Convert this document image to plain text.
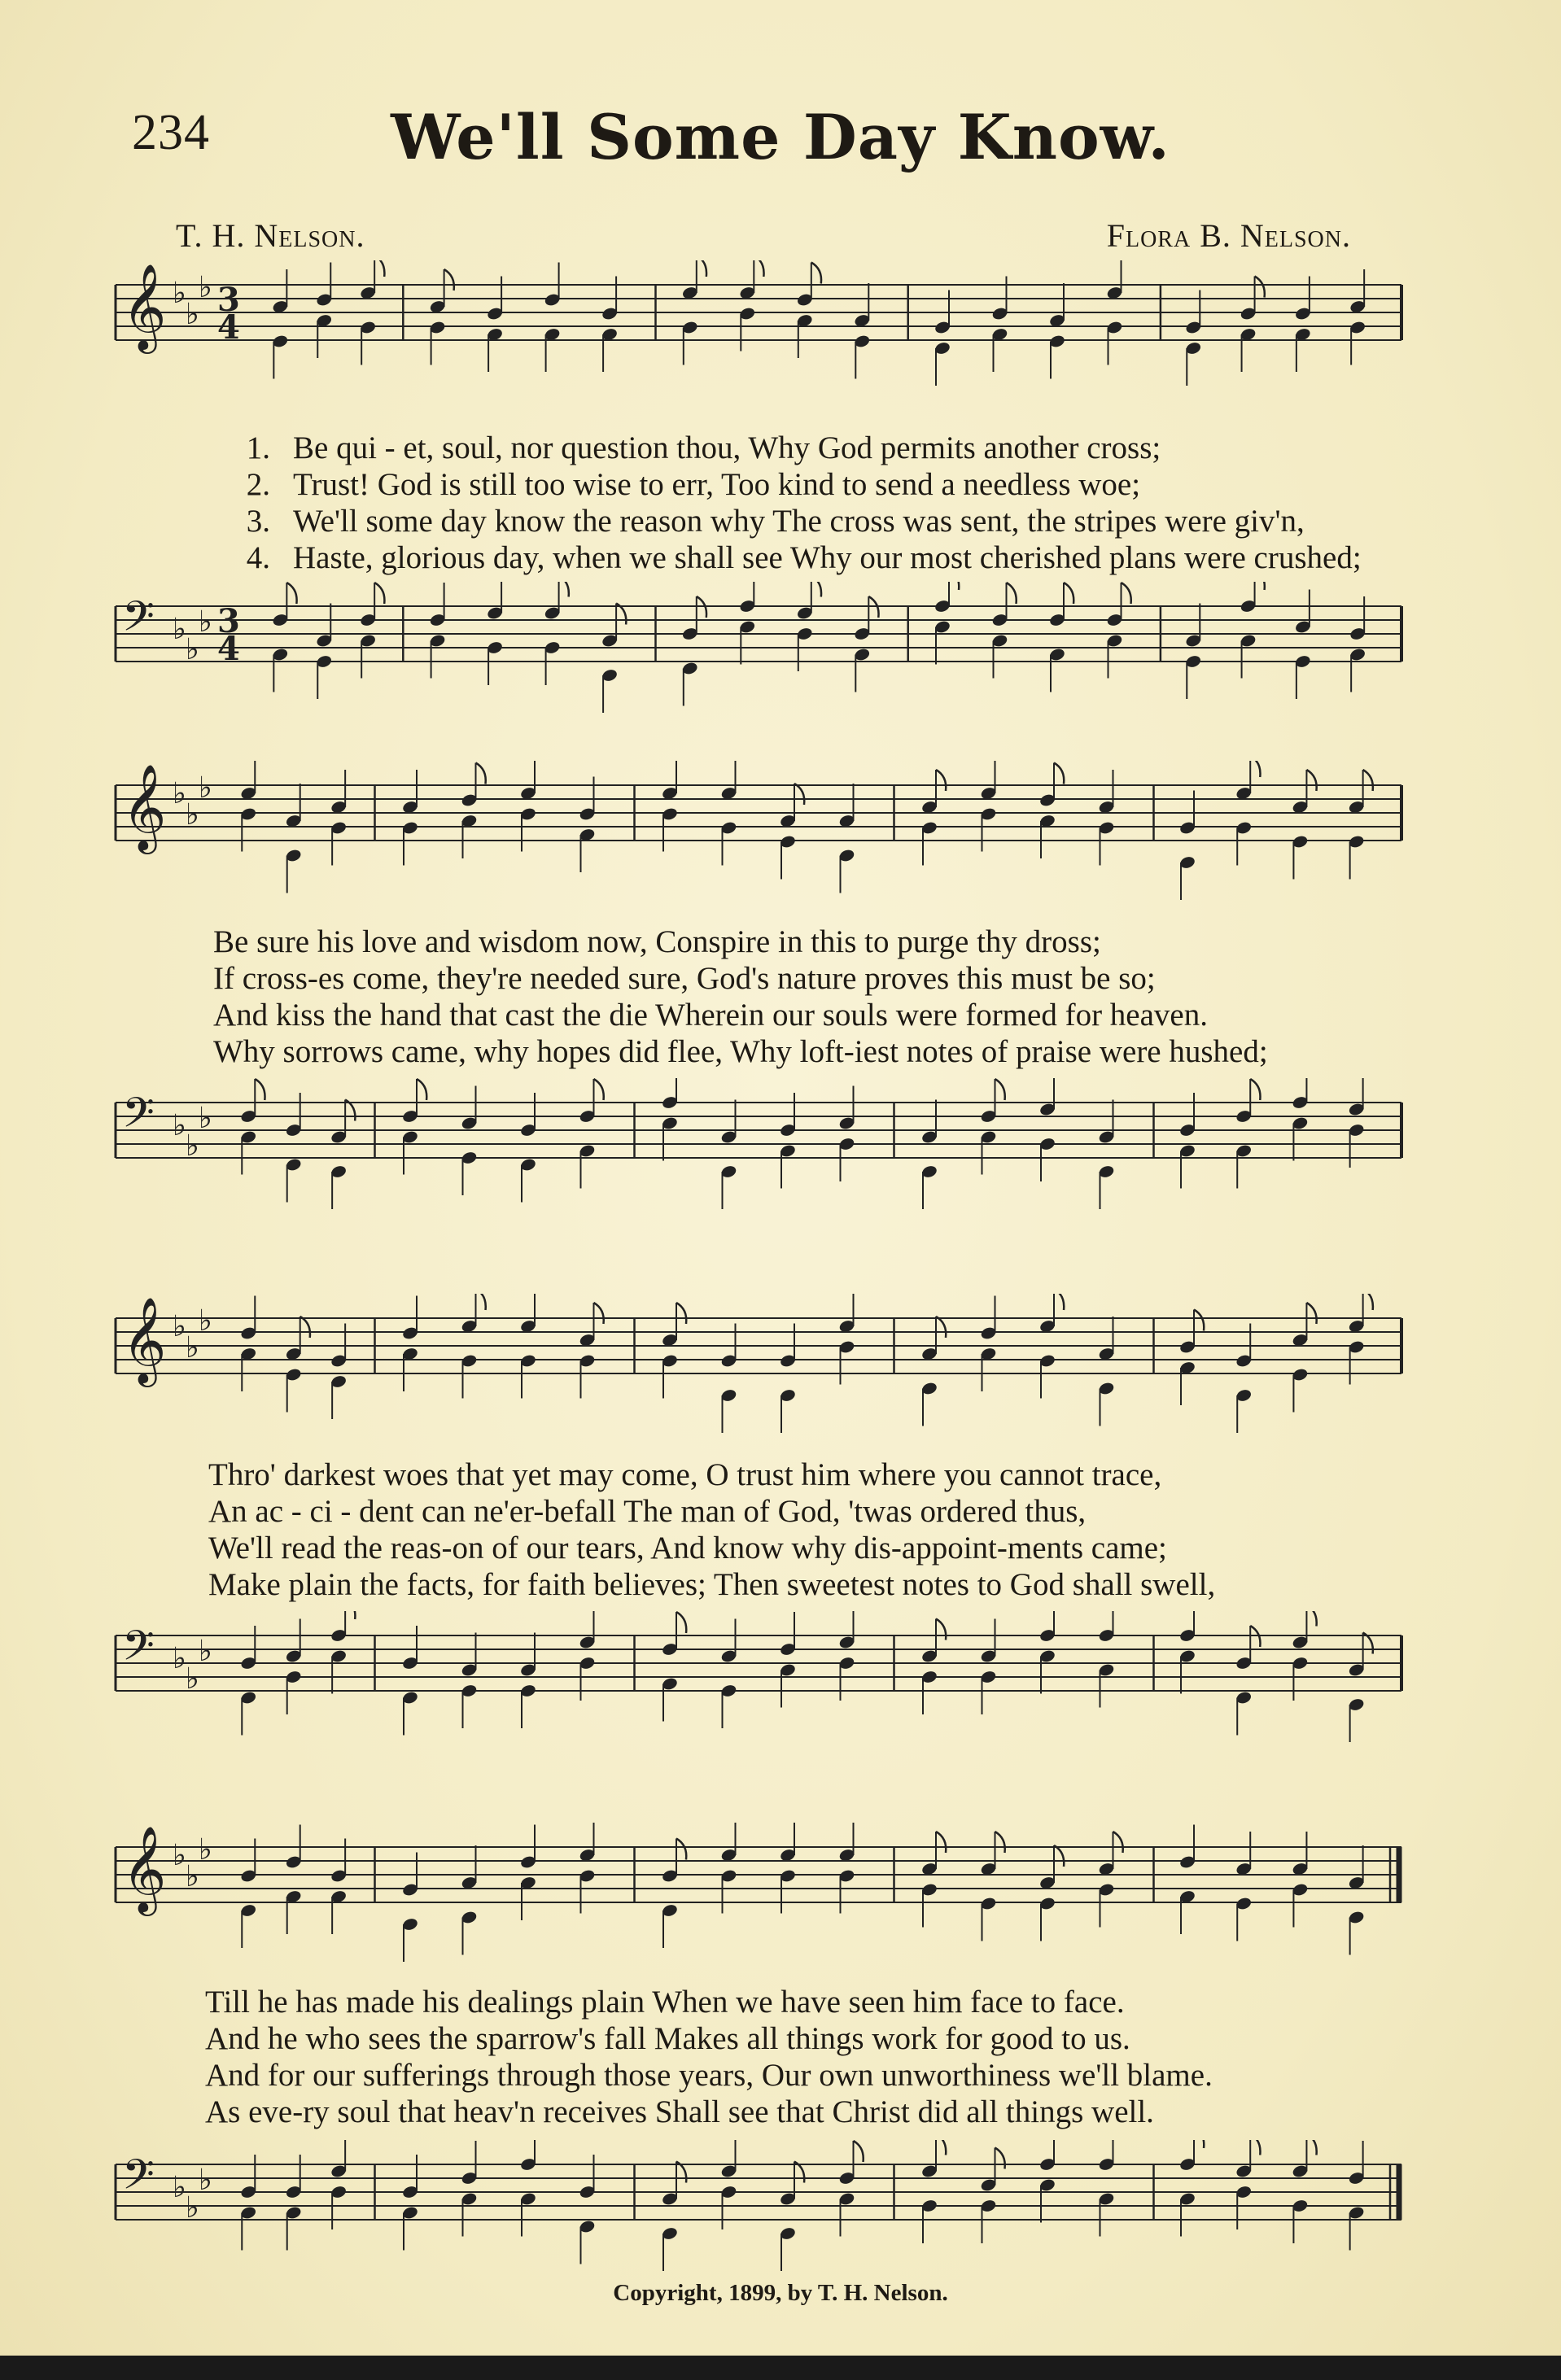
234	We'll Some Day Know.
T. H. Nelson.	Flora B. Nelson.
𝄞 ♭
♭
♭ 3
4
1. Be qui - et, soul, nor question thou, Why God permits another cross;
2. Trust! God is still too wise to err, Too kind to send a needless woe;
3. We'll some day know the reason why The cross was sent, the stripes were giv'n,
4. Haste, glorious day, when we shall see Why our most cherished plans were crushed;
𝄢 ♭
♭
♭ 3
4
𝄞 ♭
♭
♭
Be sure his love and wisdom now, Conspire in this to purge thy dross;
If cross-es come, they're needed sure, God's nature proves this must be so;
And kiss the hand that cast the die Wherein our souls were formed for heaven.
Why sorrows came, why hopes did flee, Why loft-iest notes of praise were hushed;
𝄢 ♭
♭
♭
𝄞 ♭
♭
♭
Thro' darkest woes that yet may come, O trust him where you cannot trace,
An ac - ci - dent can ne'er-befall The man of God, 'twas ordered thus,
We'll read the reas-on of our tears, And know why dis-appoint-ments came;
Make plain the facts, for faith believes; Then sweetest notes to God shall swell,
𝄢 ♭
♭
♭
𝄞 ♭
♭
♭
Till he has made his dealings plain When we have seen him face to face.
And he who sees the sparrow's fall Makes all things work for good to us.
And for our sufferings through those years, Our own unworthiness we'll blame.
As eve-ry soul that heav'n receives Shall see that Christ did all things well.
𝄢 ♭
♭
♭
Copyright, 1899, by T. H. Nelson.
